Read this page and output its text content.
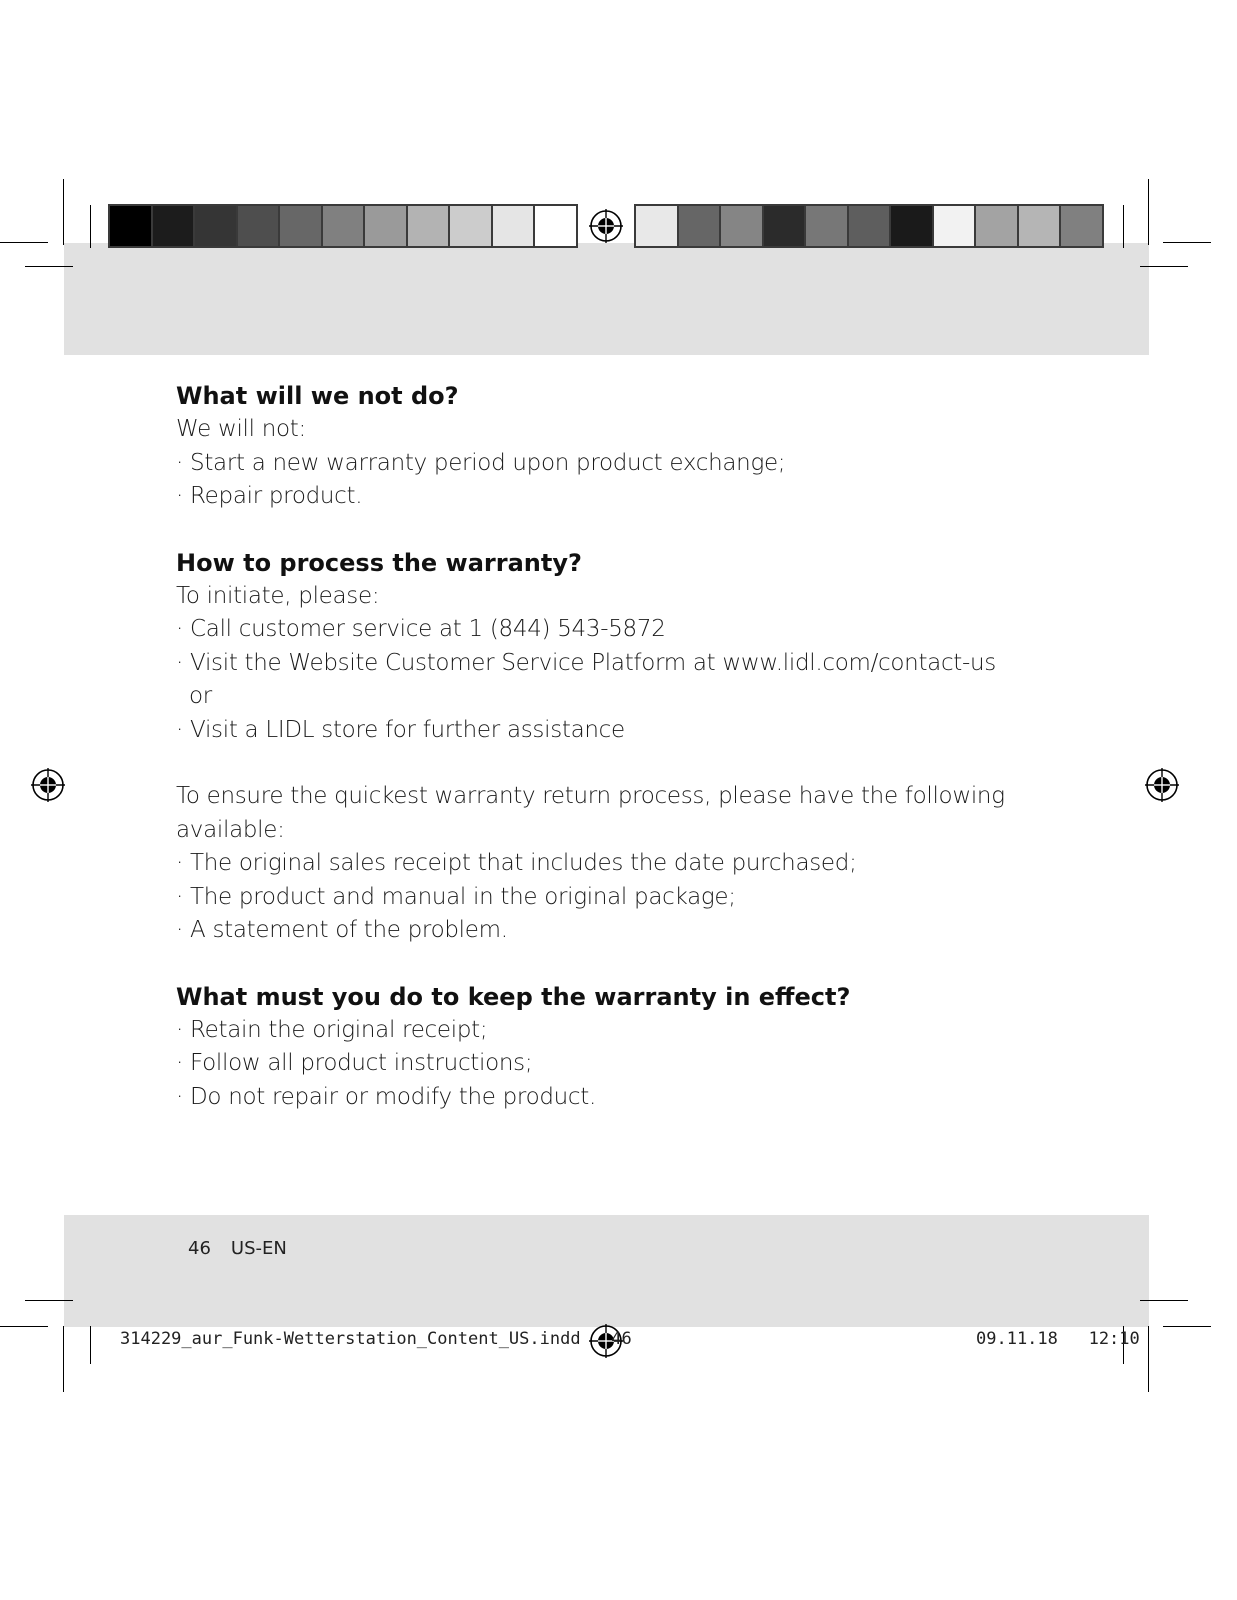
What will we not do?

We will not:

· Start a new warranty period upon product exchange;

· Repair product.

How to process the warranty?

To initiate, please:

· Call customer service at 1 (844) 543-5872

· Visit the Website Customer Service Platform at www.lidl.com/contact-us

or

· Visit a LIDL store for further assistance

To ensure the quickest warranty return process, please have the following available:

· The original sales receipt that includes the date purchased;

· The product and manual in the original package;

· A statement of the problem.

What must you do to keep the warranty in effect?

· Retain the original receipt;

· Follow all product instructions;

· Do not repair or modify the product.

46 US-EN
314229_aur_Funk-Wetterstation_Content_US.indd   46	09.11.18   12:10
